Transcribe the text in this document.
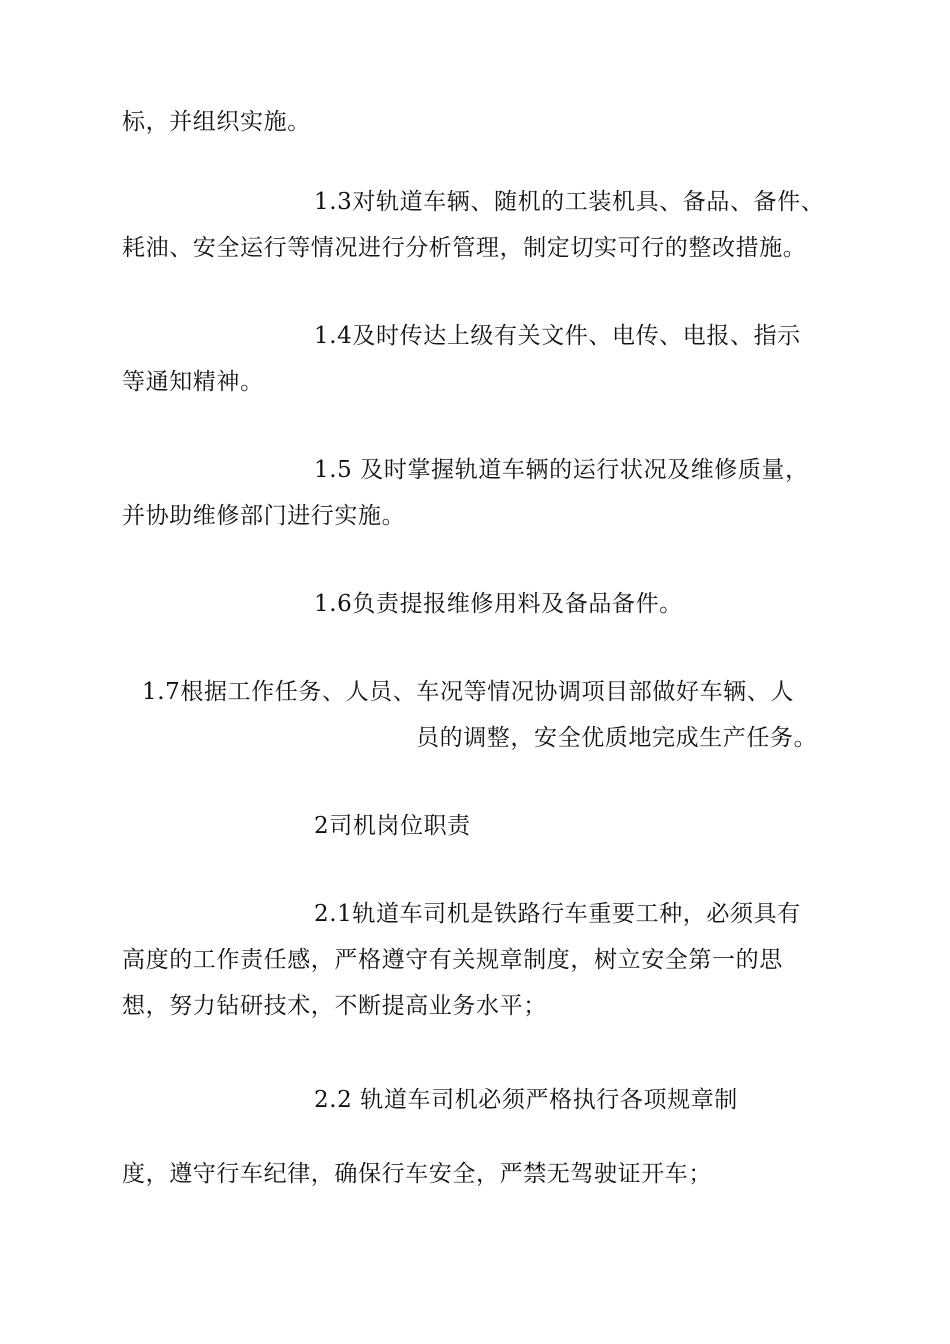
标，并组织实施。
1.3对轨道车辆、随机的工装机具、备品、备件、
耗油、安全运行等情况进行分析管理，制定切实可行的整改措施。
1.4及时传达上级有关文件、电传、电报、指示
等通知精神。
1.5 及时掌握轨道车辆的运行状况及维修质量，
并协助维修部门进行实施。
1.6负责提报维修用料及备品备件。
1.7根据工作任务、人员、车况等情况协调项目部做好车辆、人
员的调整，安全优质地完成生产任务。
2司机岗位职责
2.1轨道车司机是铁路行车重要工种，必须具有
高度的工作责任感，严格遵守有关规章制度，树立安全第一的思
想，努力钻研技术，不断提高业务水平；
2.2 轨道车司机必须严格执行各项规章制
度，遵守行车纪律，确保行车安全，严禁无驾驶证开车；
